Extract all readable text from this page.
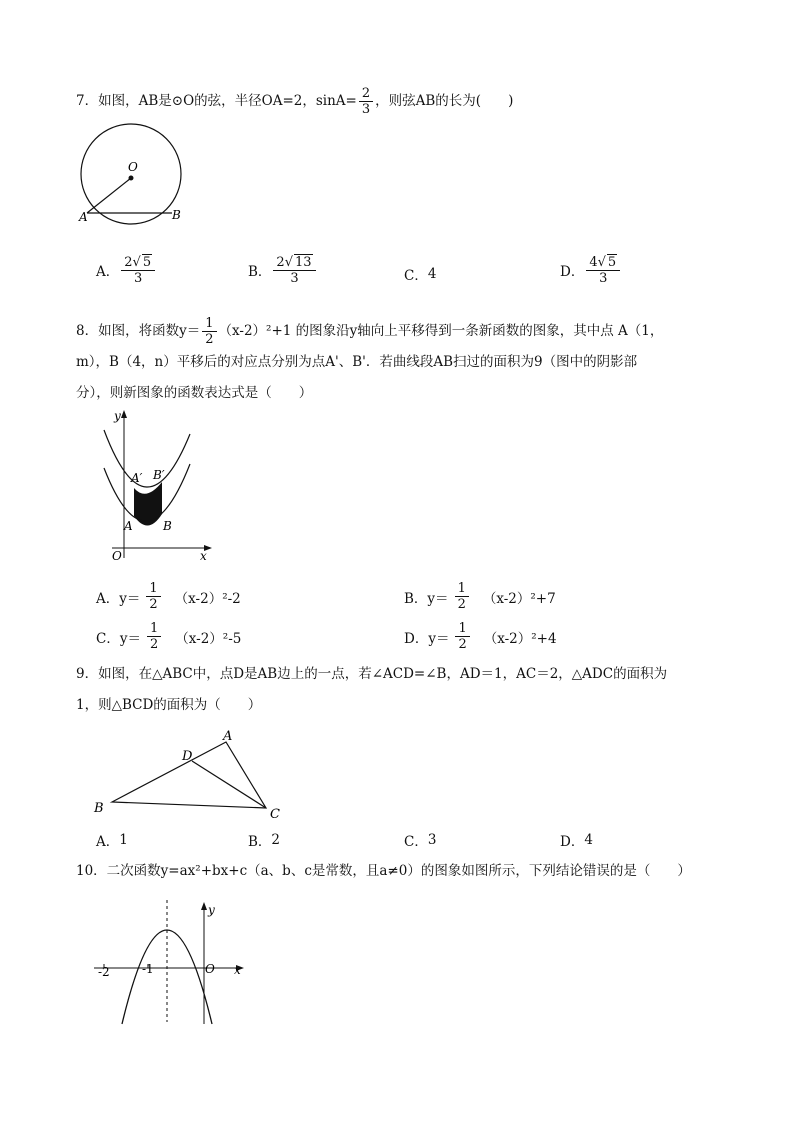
7．如图，AB是⊙O的弦，半径OA=2，$\sin A= \frac{2}{3}$ ，则弦AB的长为(　　)
O
A	B
A． $\frac{2√ 5}{3}$	B． $\frac{2√ 13}{3}$	C． 4	D． $\frac{4√ 5}{3}$
8．如图，将函数$y= \frac{1}{2} (x-2)^2+1$ 的图象沿y轴向上平移得到一条新函数的图象，其中点 A（1，
m），B（4，n）平移后的对应点分别为点A'、B'．若曲线段AB扫过的面积为9（图中的阴影部
分），则新图象的函数表达式是（　　）
O
y
x
A	B
A′ B′
A．$y= \frac{1}{2} (x-2)^2-2$	B．$y= \frac{1}{2} (x-2)^2+7$
C．$y= \frac{1}{2} (x-2)^2-5$	D．$y= \frac{1}{2} (x-2)^2+4$
9．如图，在△ABC中，点D是AB边上的一点，若∠ACD=∠B，AD＝1，AC＝2，△ADC的面积为
1，则△BCD的面积为（　　）
A
B	C
D
A． 1	B． 2	C． 3	D． 4
10．二次函数y=ax²+bx+c（a、b、c是常数，且a≠0）的图象如图所示，下列结论错误的是（　　）
-2	-1	O
y
x
